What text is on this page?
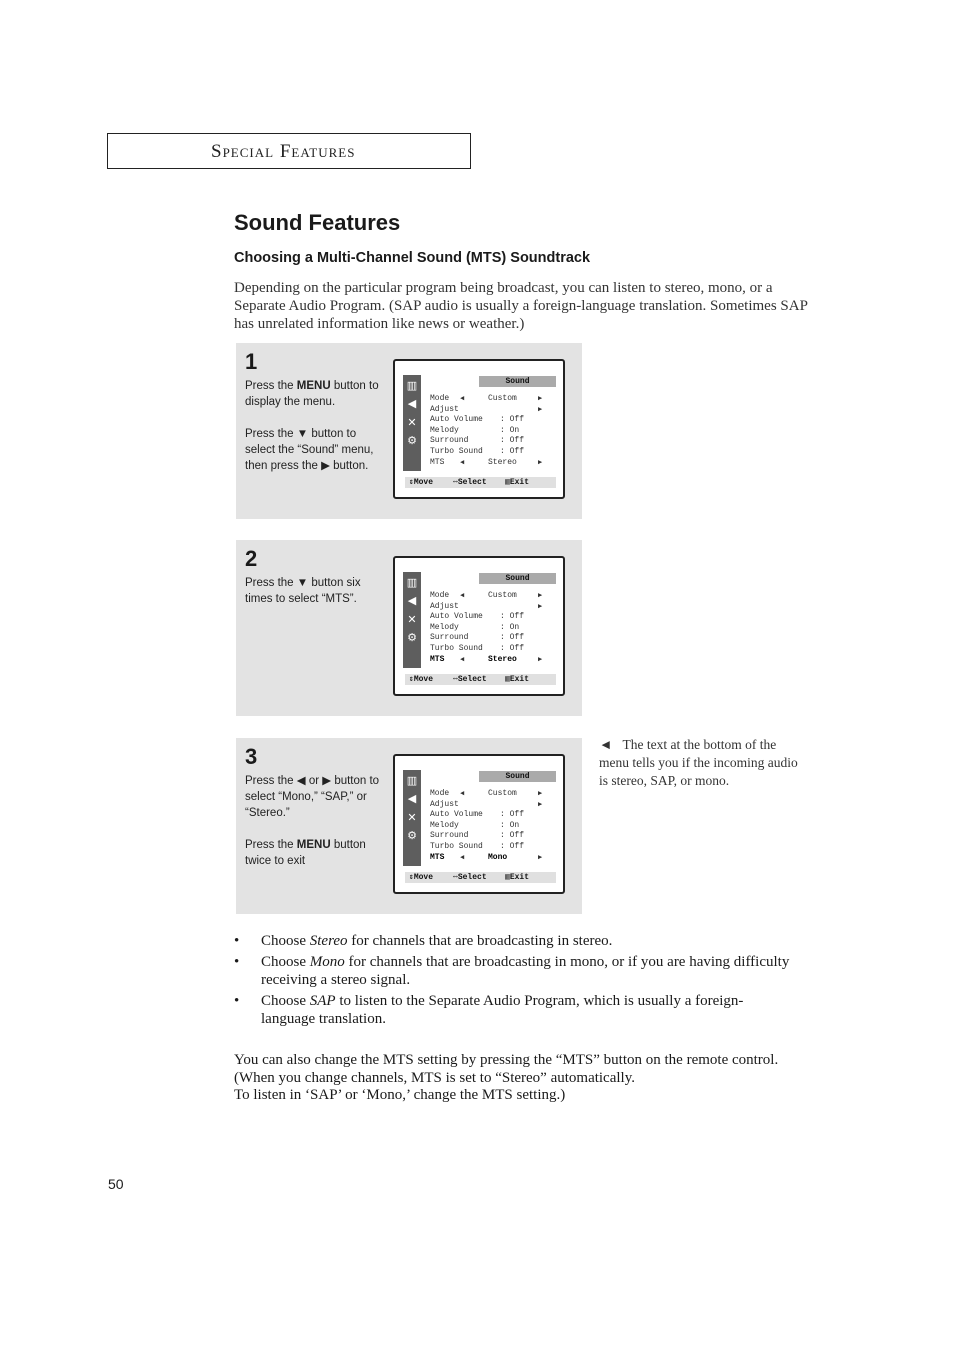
Special Features
Sound Features
Choosing a Multi-Channel Sound (MTS) Soundtrack

Depending on the particular program being broadcast, you can listen to stereo, mono, or a Separate Audio Program. (SAP audio is usually a foreign-language translation. Sometimes SAP has unrelated information like news or weather.)

1

Press the MENU button to display the menu.

Press the ▼ button to select the “Sound” menu, then press the ▶ button.

▥
◀
✕
⚙
Sound
Mode ◀	Custom	▶
Adjust	▶
Auto Volume : Off
Melody	: On
Surround	: Off
Turbo Sound : Off
MTS ◀	Stereo	▶
⇕Move ⇔Select ▥Exit
2

Press the ▼ button six times to select “MTS”.

▥
◀
✕
⚙
Sound
Mode ◀	Custom	▶
Adjust	▶
Auto Volume : Off
Melody	: On
Surround	: Off
Turbo Sound : Off
MTS ◀	Stereo	▶
⇕Move ⇔Select ▥Exit
3

Press the ◀ or ▶ button to select “Mono,” “SAP,” or “Stereo.”

Press the MENU button twice to exit

▥
◀
✕
⚙
Sound
Mode ◀	Custom	▶
Adjust	▶
Auto Volume : Off
Melody	: On
Surround	: Off
Turbo Sound : Off
MTS ◀	Mono	▶
⇕Move ⇔Select ▥Exit

◄ The text at the bottom of the menu tells you if the incoming audio is stereo, SAP, or mono.

• Choose Stereo for channels that are broadcasting in stereo.
• Choose Mono for channels that are broadcasting in mono, or if you are having difficulty receiving a stereo signal.
• Choose SAP to listen to the Separate Audio Program, which is usually a foreign-language translation.

You can also change the MTS setting by pressing the “MTS” button on the remote control. (When you change channels, MTS is set to “Stereo” automatically.
To listen in ‘SAP’ or ‘Mono,’ change the MTS setting.)

50
